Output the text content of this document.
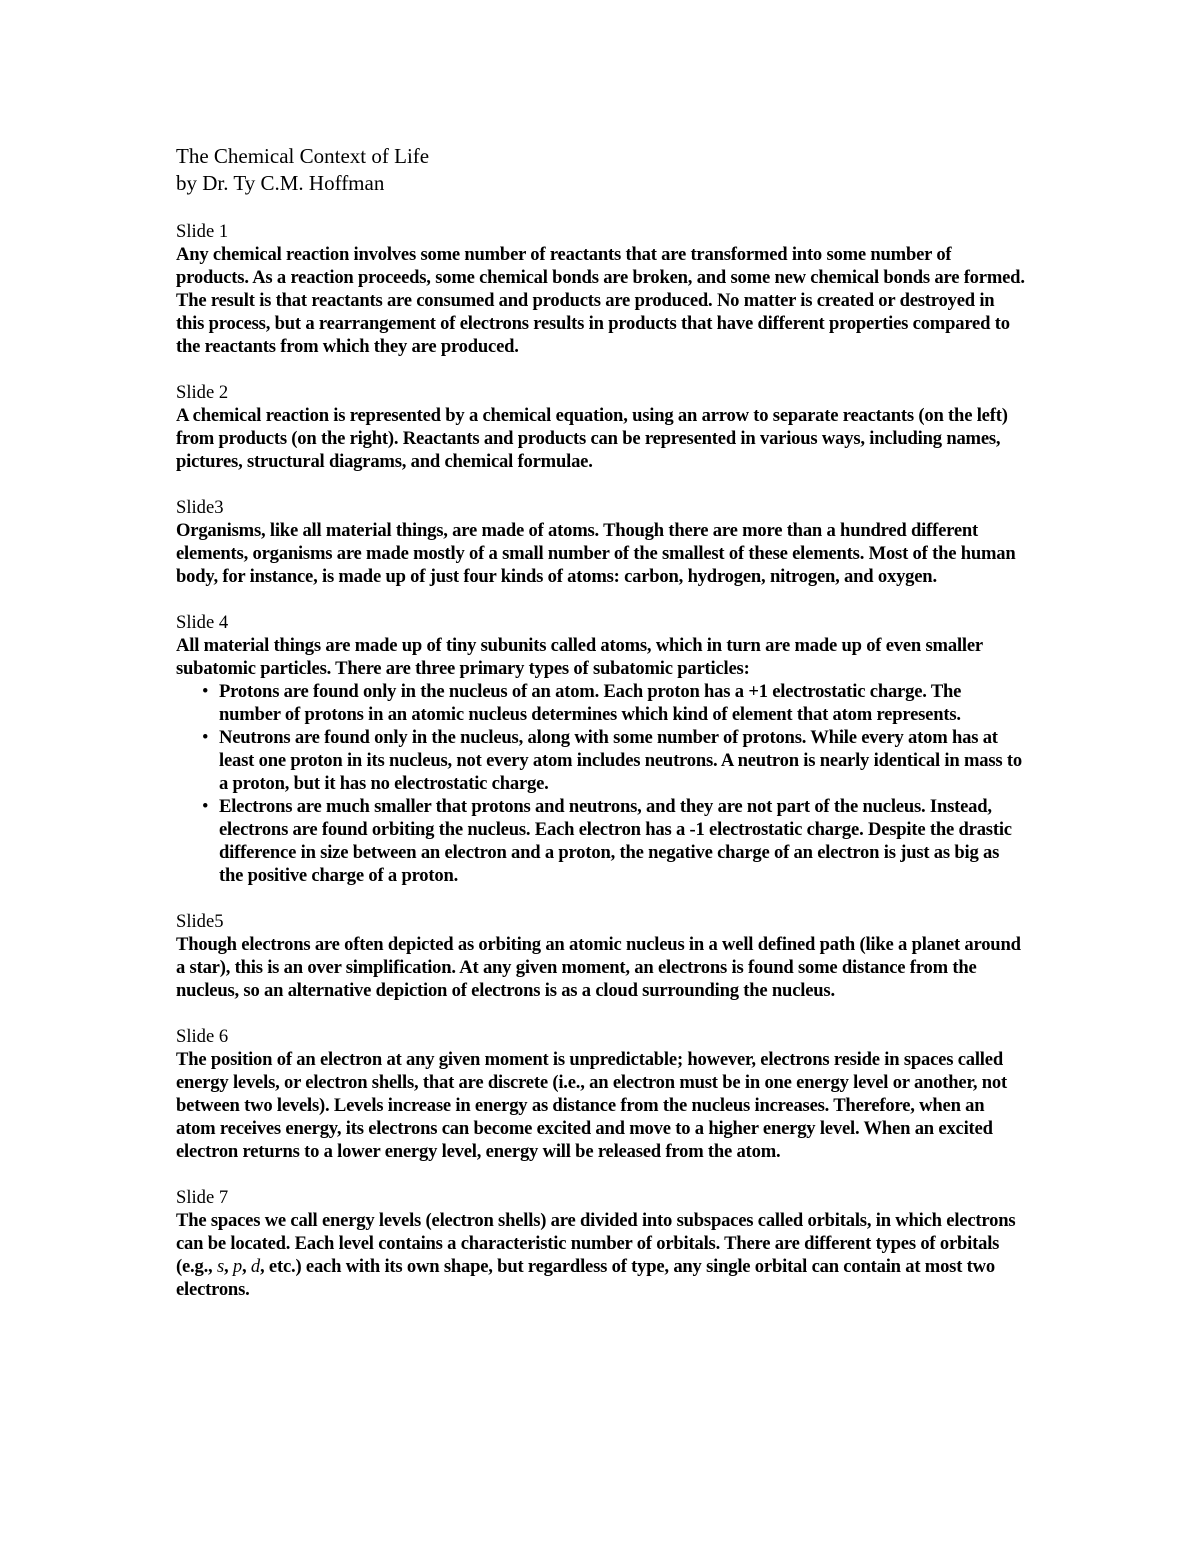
The Chemical Context of Life

by Dr. Ty C.M. Hoffman

Slide 1

Any chemical reaction involves some number of reactants that are transformed into some number of products. As a reaction proceeds, some chemical bonds are broken, and some new chemical bonds are formed. The result is that reactants are consumed and products are produced. No matter is created or destroyed in this process, but a rearrangement of electrons results in products that have different properties compared to the reactants from which they are produced.

Slide 2

A chemical reaction is represented by a chemical equation, using an arrow to separate reactants (on the left) from products (on the right). Reactants and products can be represented in various ways, including names, pictures, structural diagrams, and chemical formulae.

Slide3

Organisms, like all material things, are made of atoms. Though there are more than a hundred different elements, organisms are made mostly of a small number of the smallest of these elements. Most of the human body, for instance, is made up of just four kinds of atoms: carbon, hydrogen, nitrogen, and oxygen.

Slide 4

All material things are made up of tiny subunits called atoms, which in turn are made up of even smaller subatomic particles. There are three primary types of subatomic particles:

• Protons are found only in the nucleus of an atom. Each proton has a +1 electrostatic charge. The number of protons in an atomic nucleus determines which kind of element that atom represents.
• Neutrons are found only in the nucleus, along with some number of protons. While every atom has at least one proton in its nucleus, not every atom includes neutrons. A neutron is nearly identical in mass to a proton, but it has no electrostatic charge.
• Electrons are much smaller that protons and neutrons, and they are not part of the nucleus. Instead, electrons are found orbiting the nucleus. Each electron has a -1 electrostatic charge. Despite the drastic difference in size between an electron and a proton, the negative charge of an electron is just as big as the positive charge of a proton.

Slide5

Though electrons are often depicted as orbiting an atomic nucleus in a well defined path (like a planet around a star), this is an over simplification. At any given moment, an electrons is found some distance from the nucleus, so an alternative depiction of electrons is as a cloud surrounding the nucleus.

Slide 6

The position of an electron at any given moment is unpredictable; however, electrons reside in spaces called energy levels, or electron shells, that are discrete (i.e., an electron must be in one energy level or another, not between two levels). Levels increase in energy as distance from the nucleus increases. Therefore, when an atom receives energy, its electrons can become excited and move to a higher energy level. When an excited electron returns to a lower energy level, energy will be released from the atom.

Slide 7

The spaces we call energy levels (electron shells) are divided into subspaces called orbitals, in which electrons can be located. Each level contains a characteristic number of orbitals. There are different types of orbitals (e.g., s, p, d, etc.) each with its own shape, but regardless of type, any single orbital can contain at most two electrons.
